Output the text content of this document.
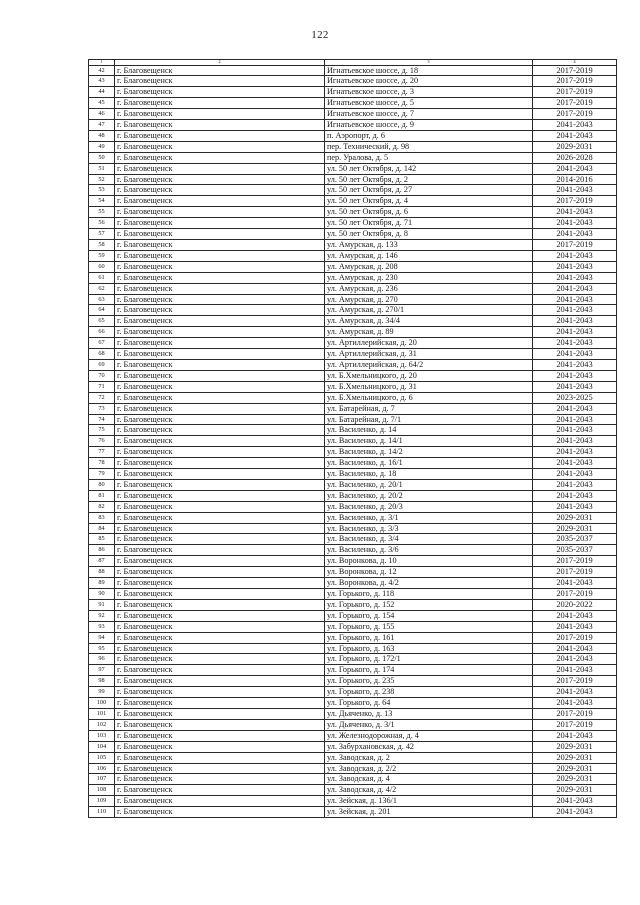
122
1	2	3	4
42	г. Благовещенск	Игнатьевское шоссе, д. 18	2017-2019
43	г. Благовещенск	Игнатьевское шоссе, д. 20	2017-2019
44	г. Благовещенск	Игнатьевское шоссе, д. 3	2017-2019
45	г. Благовещенск	Игнатьевское шоссе, д. 5	2017-2019
46	г. Благовещенск	Игнатьевское шоссе, д. 7	2017-2019
47	г. Благовещенск	Игнатьевское шоссе, д. 9	2041-2043
48	г. Благовещенск	п. Аэропорт, д. 6	2041-2043
49	г. Благовещенск	пер. Технический, д. 98	2029-2031
50	г. Благовещенск	пер. Уралова, д. 5	2026-2028
51	г. Благовещенск	ул. 50 лет Октября, д. 142	2041-2043
52	г. Благовещенск	ул. 50 лет Октября, д. 2	2014-2016
53	г. Благовещенск	ул. 50 лет Октября, д. 27	2041-2043
54	г. Благовещенск	ул. 50 лет Октября, д. 4	2017-2019
55	г. Благовещенск	ул. 50 лет Октября, д. 6	2041-2043
56	г. Благовещенск	ул. 50 лет Октября, д. 71	2041-2043
57	г. Благовещенск	ул. 50 лет Октября, д. 8	2041-2043
58	г. Благовещенск	ул. Амурская, д. 133	2017-2019
59	г. Благовещенск	ул. Амурская, д. 146	2041-2043
60	г. Благовещенск	ул. Амурская, д. 208	2041-2043
61	г. Благовещенск	ул. Амурская, д. 230	2041-2043
62	г. Благовещенск	ул. Амурская, д. 236	2041-2043
63	г. Благовещенск	ул. Амурская, д. 270	2041-2043
64	г. Благовещенск	ул. Амурская, д. 270/1	2041-2043
65	г. Благовещенск	ул. Амурская, д. 34/4	2041-2043
66	г. Благовещенск	ул. Амурская, д. 89	2041-2043
67	г. Благовещенск	ул. Артиллерийская, д. 20	2041-2043
68	г. Благовещенск	ул. Артиллерийская, д. 31	2041-2043
69	г. Благовещенск	ул. Артиллерийская, д. 64/2	2041-2043
70	г. Благовещенск	ул. Б.Хмельницкого, д. 20	2041-2043
71	г. Благовещенск	ул. Б.Хмельницкого, д. 31	2041-2043
72	г. Благовещенск	ул. Б.Хмельницкого, д. 6	2023-2025
73	г. Благовещенск	ул. Батарейная, д. 7	2041-2043
74	г. Благовещенск	ул. Батарейная, д. 7/1	2041-2043
75	г. Благовещенск	ул. Василенко, д. 14	2041-2043
76	г. Благовещенск	ул. Василенко, д. 14/1	2041-2043
77	г. Благовещенск	ул. Василенко, д. 14/2	2041-2043
78	г. Благовещенск	ул. Василенко, д. 16/1	2041-2043
79	г. Благовещенск	ул. Василенко, д. 18	2041-2043
80	г. Благовещенск	ул. Василенко, д. 20/1	2041-2043
81	г. Благовещенск	ул. Василенко, д. 20/2	2041-2043
82	г. Благовещенск	ул. Василенко, д. 20/3	2041-2043
83	г. Благовещенск	ул. Василенко, д. 3/1	2029-2031
84	г. Благовещенск	ул. Василенко, д. 3/3	2029-2031
85	г. Благовещенск	ул. Василенко, д. 3/4	2035-2037
86	г. Благовещенск	ул. Василенко, д. 3/6	2035-2037
87	г. Благовещенск	ул. Воронкова, д. 10	2017-2019
88	г. Благовещенск	ул. Воронкова, д. 12	2017-2019
89	г. Благовещенск	ул. Воронкова, д. 4/2	2041-2043
90	г. Благовещенск	ул. Горького, д. 118	2017-2019
91	г. Благовещенск	ул. Горького, д. 152	2020-2022
92	г. Благовещенск	ул. Горького, д. 154	2041-2043
93	г. Благовещенск	ул. Горького, д. 155	2041-2043
94	г. Благовещенск	ул. Горького, д. 161	2017-2019
95	г. Благовещенск	ул. Горького, д. 163	2041-2043
96	г. Благовещенск	ул. Горького, д. 172/1	2041-2043
97	г. Благовещенск	ул. Горького, д. 174	2041-2043
98	г. Благовещенск	ул. Горького, д. 235	2017-2019
99	г. Благовещенск	ул. Горького, д. 238	2041-2043
100	г. Благовещенск	ул. Горького, д. 64	2041-2043
101	г. Благовещенск	ул. Дьяченко, д. 13	2017-2019
102	г. Благовещенск	ул. Дьяченко, д. 3/1	2017-2019
103	г. Благовещенск	ул. Железнодорожная, д. 4	2041-2043
104	г. Благовещенск	ул. Забурхановская, д. 42	2029-2031
105	г. Благовещенск	ул. Заводская, д. 2	2029-2031
106	г. Благовещенск	ул. Заводская, д. 2/2	2029-2031
107	г. Благовещенск	ул. Заводская, д. 4	2029-2031
108	г. Благовещенск	ул. Заводская, д. 4/2	2029-2031
109	г. Благовещенск	ул. Зейская, д. 136/1	2041-2043
110	г. Благовещенск	ул. Зейская, д. 201	2041-2043
